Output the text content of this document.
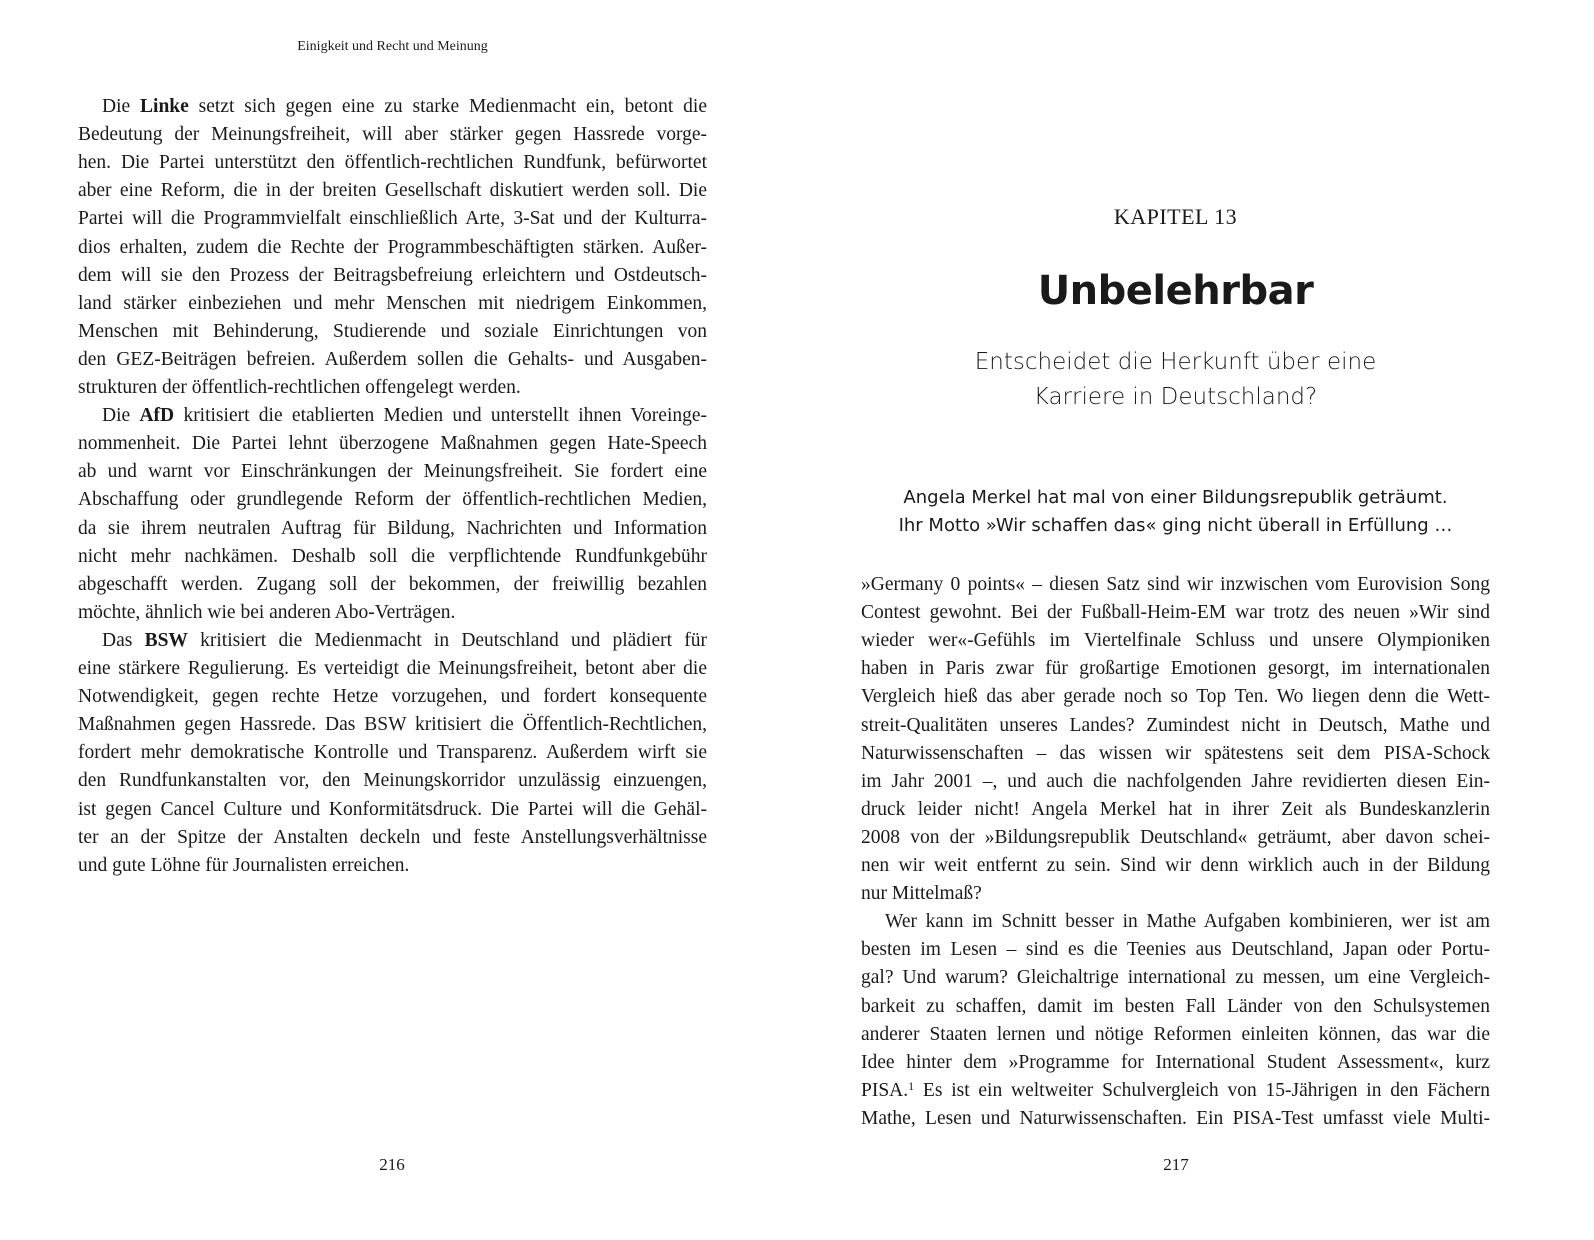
Einigkeit und Recht und Meinung
Die Linke setzt sich gegen eine zu starke Medienmacht ein, betont die
Bedeutung der Meinungsfreiheit, will aber stärker gegen Hassrede vorge-
hen. Die Partei unterstützt den öffentlich-rechtlichen Rundfunk, befürwortet
aber eine Reform, die in der breiten Gesellschaft diskutiert werden soll. Die
Partei will die Programmvielfalt einschließlich Arte, 3-Sat und der Kulturra-
dios erhalten, zudem die Rechte der Programmbeschäftigten stärken. Außer-
dem will sie den Prozess der Beitragsbefreiung erleichtern und Ostdeutsch-
land stärker einbeziehen und mehr Menschen mit niedrigem Einkommen,
Menschen mit Behinderung, Studierende und soziale Einrichtungen von
den GEZ-Beiträgen befreien. Außerdem sollen die Gehalts- und Ausgaben-
strukturen der öffentlich-rechtlichen offengelegt werden.
Die AfD kritisiert die etablierten Medien und unterstellt ihnen Voreinge-
nommenheit. Die Partei lehnt überzogene Maßnahmen gegen Hate-Speech
ab und warnt vor Einschränkungen der Meinungsfreiheit. Sie fordert eine
Abschaffung oder grundlegende Reform der öffentlich-rechtlichen Medien,
da sie ihrem neutralen Auftrag für Bildung, Nachrichten und Information
nicht mehr nachkämen. Deshalb soll die verpflichtende Rundfunkgebühr
abgeschafft werden. Zugang soll der bekommen, der freiwillig bezahlen
möchte, ähnlich wie bei anderen Abo-Verträgen.
Das BSW kritisiert die Medienmacht in Deutschland und plädiert für
eine stärkere Regulierung. Es verteidigt die Meinungsfreiheit, betont aber die
Notwendigkeit, gegen rechte Hetze vorzugehen, und fordert konsequente
Maßnahmen gegen Hassrede. Das BSW kritisiert die Öffentlich-Rechtlichen,
fordert mehr demokratische Kontrolle und Transparenz. Außerdem wirft sie
den Rundfunkanstalten vor, den Meinungskorridor unzulässig einzuengen,
ist gegen Cancel Culture und Konformitätsdruck. Die Partei will die Gehäl-
ter an der Spitze der Anstalten deckeln und feste Anstellungsverhältnisse
und gute Löhne für Journalisten erreichen.
216
KAPITEL 13
Unbelehrbar
Entscheidet die Herkunft über eine
Karriere in Deutschland?
Angela Merkel hat mal von einer Bildungsrepublik geträumt.
Ihr Motto »Wir schaffen das« ging nicht überall in Erfüllung …
»Germany 0 points« – diesen Satz sind wir inzwischen vom Eurovision Song
Contest gewohnt. Bei der Fußball-Heim-EM war trotz des neuen »Wir sind
wieder wer«-Gefühls im Viertelfinale Schluss und unsere Olympioniken
haben in Paris zwar für großartige Emotionen gesorgt, im internationalen
Vergleich hieß das aber gerade noch so Top Ten. Wo liegen denn die Wett-
streit-Qualitäten unseres Landes? Zumindest nicht in Deutsch, Mathe und
Naturwissenschaften – das wissen wir spätestens seit dem PISA-Schock
im Jahr 2001 –, und auch die nachfolgenden Jahre revidierten diesen Ein-
druck leider nicht! Angela Merkel hat in ihrer Zeit als Bundeskanzlerin
2008 von der »Bildungsrepublik Deutschland« geträumt, aber davon schei-
nen wir weit entfernt zu sein. Sind wir denn wirklich auch in der Bildung
nur Mittelmaß?
Wer kann im Schnitt besser in Mathe Aufgaben kombinieren, wer ist am
besten im Lesen – sind es die Teenies aus Deutschland, Japan oder Portu-
gal? Und warum? Gleichaltrige international zu messen, um eine Vergleich-
barkeit zu schaffen, damit im besten Fall Länder von den Schulsystemen
anderer Staaten lernen und nötige Reformen einleiten können, das war die
Idee hinter dem »Programme for International Student Assessment«, kurz
PISA.$^1$ Es ist ein weltweiter Schulvergleich von 15-Jährigen in den Fächern
Mathe, Lesen und Naturwissenschaften. Ein PISA-Test umfasst viele Multi-
217
